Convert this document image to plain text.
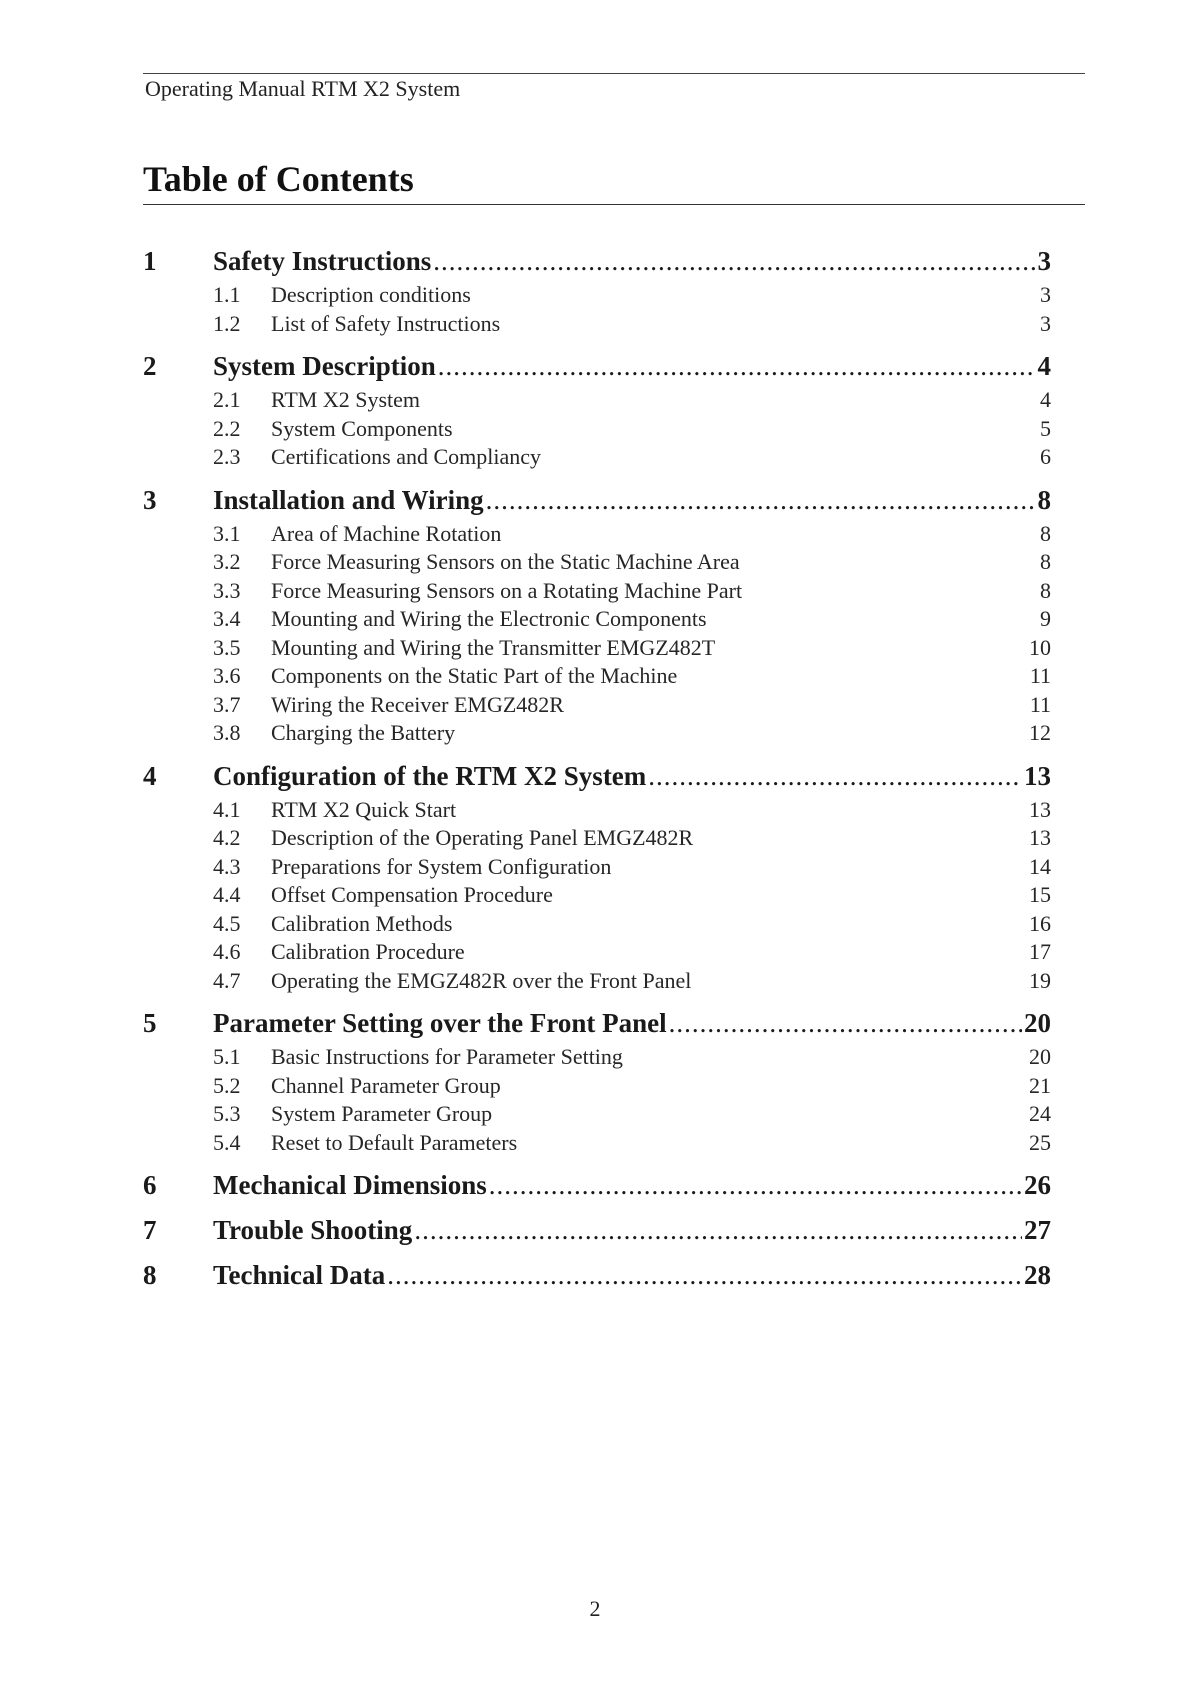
Operating Manual RTM X2 System
Table of Contents
1 Safety Instructions .....	3
1.1 Description conditions	3
1.2 List of Safety Instructions	3
2 System Description .....	4
2.1 RTM X2 System	4
2.2 System Components	5
2.3 Certifications and Compliancy	6
3 Installation and Wiring .....	8
3.1 Area of Machine Rotation	8
3.2 Force Measuring Sensors on the Static Machine Area	8
3.3 Force Measuring Sensors on a Rotating Machine Part	8
3.4 Mounting and Wiring the Electronic Components	9
3.5 Mounting and Wiring the Transmitter EMGZ482T	10
3.6 Components on the Static Part of the Machine	11
3.7 Wiring the Receiver EMGZ482R	11
3.8 Charging the Battery	12
4 Configuration of the RTM X2 System .....	13
4.1 RTM X2 Quick Start	13
4.2 Description of the Operating Panel EMGZ482R	13
4.3 Preparations for System Configuration	14
4.4 Offset Compensation Procedure	15
4.5 Calibration Methods	16
4.6 Calibration Procedure	17
4.7 Operating the EMGZ482R over the Front Panel	19
5 Parameter Setting over the Front Panel .....	20
5.1 Basic Instructions for Parameter Setting	20
5.2 Channel Parameter Group	21
5.3 System Parameter Group	24
5.4 Reset to Default Parameters	25
6 Mechanical Dimensions .....	26
7 Trouble Shooting .....	27
8 Technical Data .....	28
2
